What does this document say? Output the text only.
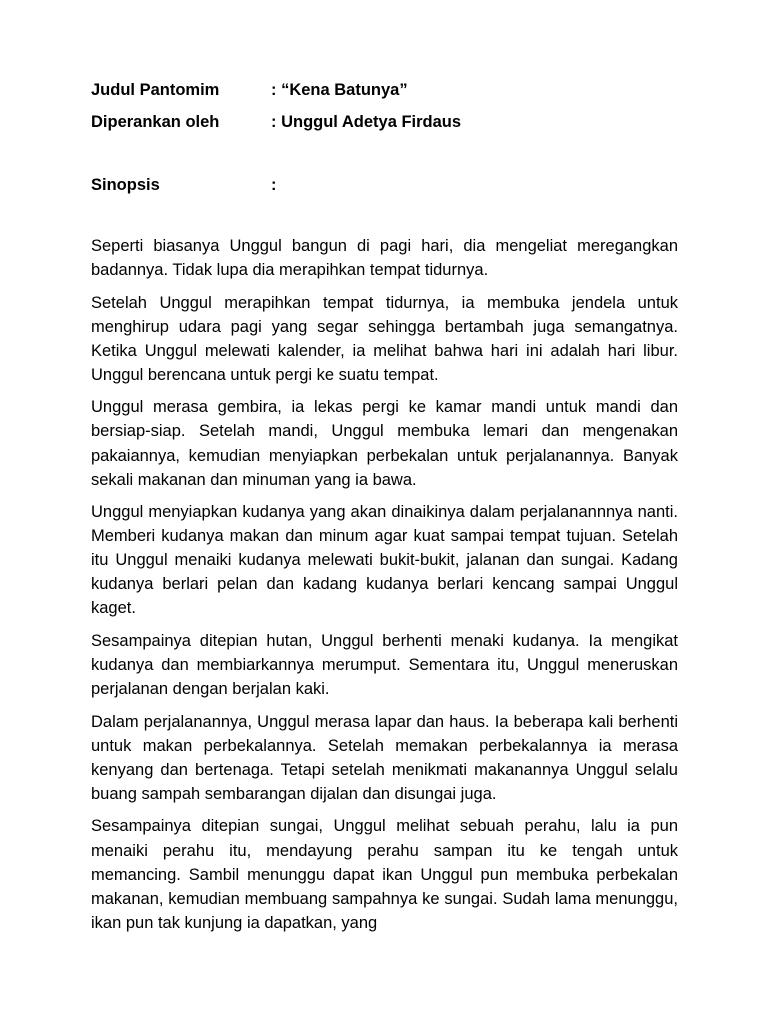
Judul Pantomim	: “Kena Batunya”
Diperankan oleh	: Unggul Adetya Firdaus
Sinopsis	:

Seperti biasanya Unggul bangun di pagi hari, dia mengeliat meregangkan badannya. Tidak lupa dia merapihkan tempat tidurnya.

Setelah Unggul merapihkan tempat tidurnya, ia membuka jendela untuk menghirup udara pagi yang segar sehingga bertambah juga semangatnya. Ketika Unggul melewati kalender, ia melihat bahwa hari ini adalah hari libur. Unggul berencana untuk pergi ke suatu tempat.

Unggul merasa gembira, ia lekas pergi ke kamar mandi untuk mandi dan bersiap-siap. Setelah mandi, Unggul membuka lemari dan mengenakan pakaiannya, kemudian menyiapkan perbekalan untuk perjalanannya. Banyak sekali makanan dan minuman yang ia bawa.

Unggul menyiapkan kudanya yang akan dinaikinya dalam perjalanannnya nanti. Memberi kudanya makan dan minum agar kuat sampai tempat tujuan. Setelah itu Unggul menaiki kudanya melewati bukit-bukit, jalanan dan sungai. Kadang kudanya berlari pelan dan kadang kudanya berlari kencang sampai Unggul kaget.

Sesampainya ditepian hutan, Unggul berhenti menaki kudanya. Ia mengikat kudanya dan membiarkannya merumput. Sementara itu, Unggul meneruskan perjalanan dengan berjalan kaki.

Dalam perjalanannya, Unggul merasa lapar dan haus. Ia beberapa kali berhenti untuk makan perbekalannya. Setelah memakan perbekalannya ia merasa kenyang dan bertenaga. Tetapi setelah menikmati makanannya Unggul selalu buang sampah sembarangan dijalan dan disungai juga.

Sesampainya ditepian sungai, Unggul melihat sebuah perahu, lalu ia pun menaiki perahu itu, mendayung perahu sampan itu ke tengah untuk memancing. Sambil menunggu dapat ikan Unggul pun membuka perbekalan makanan, kemudian membuang sampahnya ke sungai. Sudah lama menunggu, ikan pun tak kunjung ia dapatkan, yang
